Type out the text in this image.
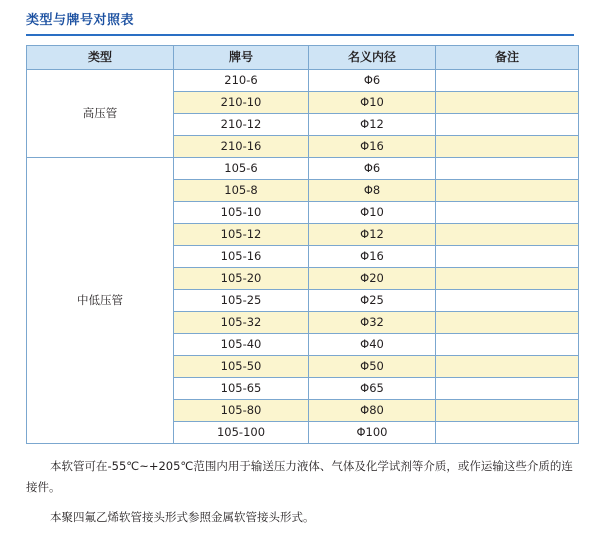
类型与牌号对照表
类型	牌号	名义内径	备注
高压管	210-6	Φ6	
	210-10	Φ10	
	210-12	Φ12	
	210-16	Φ16	
中低压管	105-6	Φ6	
	105-8	Φ8	
	105-10	Φ10	
	105-12	Φ12	
	105-16	Φ16	
	105-20	Φ20	
	105-25	Φ25	
	105-32	Φ32	
	105-40	Φ40	
	105-50	Φ50	
	105-65	Φ65	
	105-80	Φ80	
	105-100	Φ100	

本软管可在-55℃~+205℃范围内用于输送压力液体、气体及化学试剂等介质，或作运输这些介质的连接件。

本聚四氟乙烯软管接头形式参照金属软管接头形式。
